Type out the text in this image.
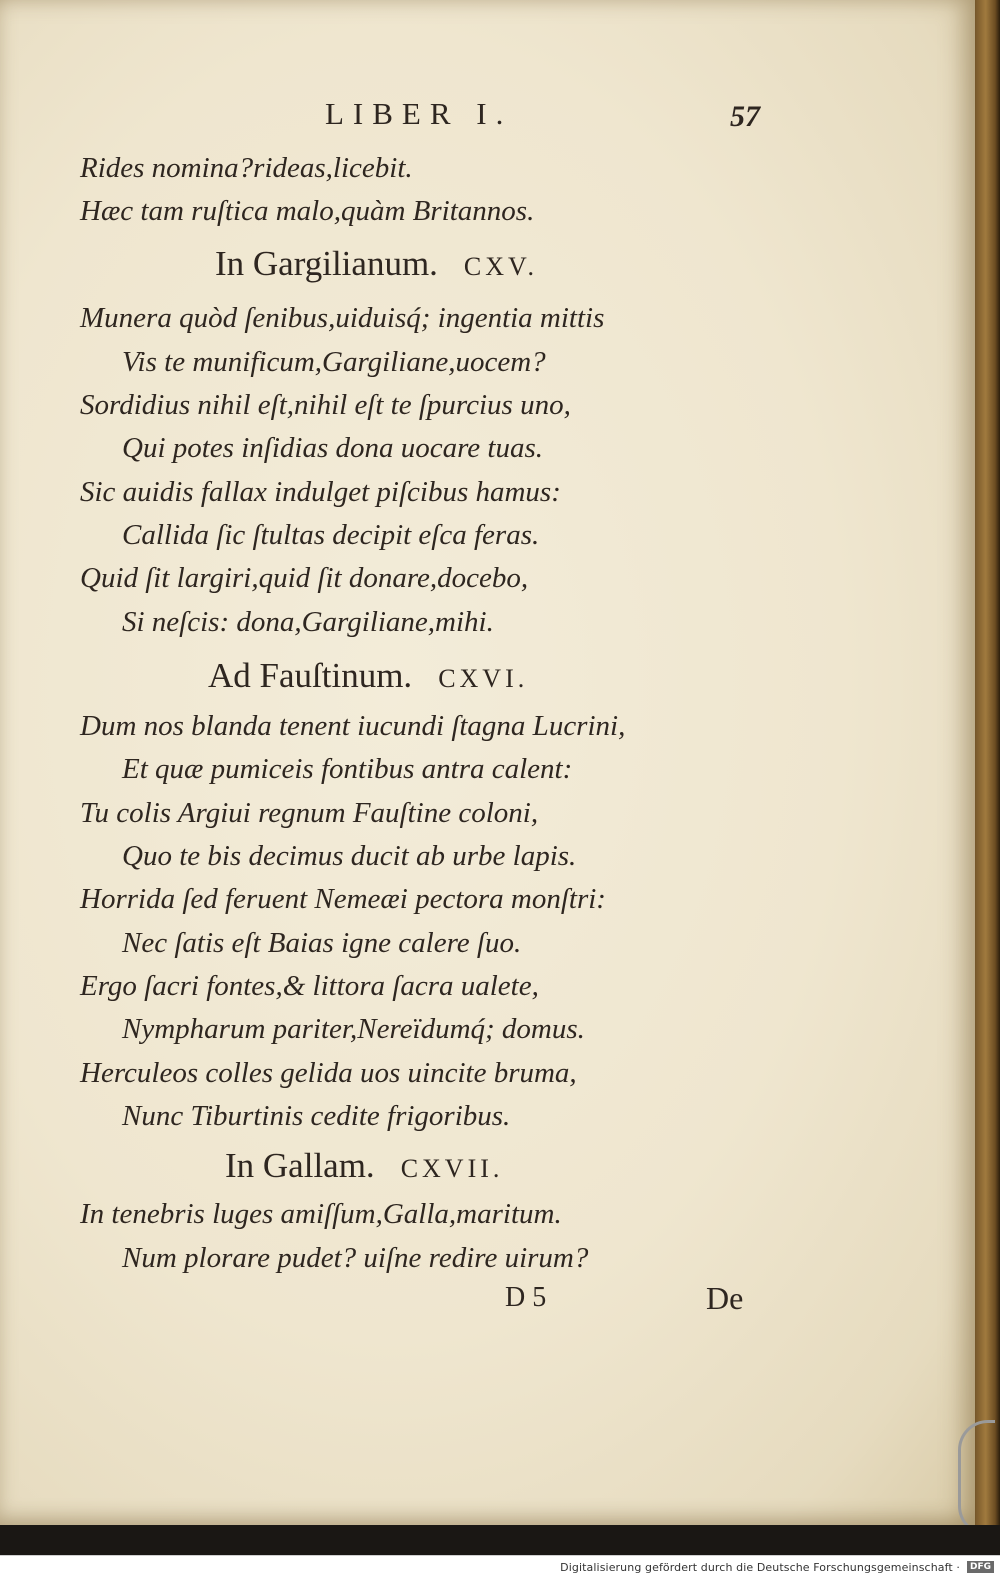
LIBER I.	57
Rides nomina?rideas,licebit.
Hæc tam ruſtica malo,quàm Britannos.
In Gargilianum. CXV.
Munera quòd ſenibus,uiduisq́; ingentia mittis
Vis te munificum,Gargiliane,uocem?
Sordidius nihil eſt,nihil eſt te ſpurcius uno,
Qui potes inſidias dona uocare tuas.
Sic auidis fallax indulget piſcibus hamus:
Callida ſic ſtultas decipit eſca feras.
Quid ſit largiri,quid ſit donare,docebo,
Si neſcis: dona,Gargiliane,mihi.
Ad Fauſtinum. CXVI.
Dum nos blanda tenent iucundi ſtagna Lucrini,
Et quæ pumiceis fontibus antra calent:
Tu colis Argiui regnum Fauſtine coloni,
Quo te bis decimus ducit ab urbe lapis.
Horrida ſed feruent Nemeæi pectora monſtri:
Nec ſatis eſt Baias igne calere ſuo.
Ergo ſacri fontes,& littora ſacra ualete,
Nympharum pariter,Nereïdumq́; domus.
Herculeos colles gelida uos uincite bruma,
Nunc Tiburtinis cedite frigoribus.
In Gallam. CXVII.
In tenebris luges amiſſum,Galla,maritum.
Num plorare pudet? uiſne redire uirum?
D 5	De
Digitalisierung gefördert durch die Deutsche Forschungsgemeinschaft ·	DFG
